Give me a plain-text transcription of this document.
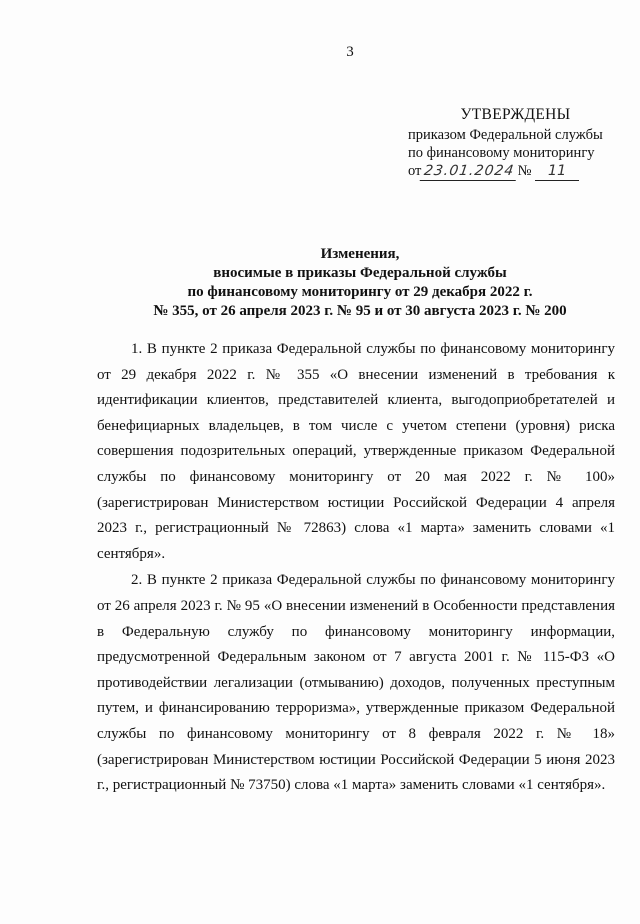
3
УТВЕРЖДЕНЫ
приказом Федеральной службы
по финансовому мониторингу
от 23.01.2024 № 11
Изменения,
вносимые в приказы Федеральной службы
по финансовому мониторингу от 29 декабря 2022 г.
№ 355, от 26 апреля 2023 г. № 95 и от 30 августа 2023 г. № 200

1. В пункте 2 приказа Федеральной службы по финансовому мониторингу от 29 декабря 2022 г. № 355 «О внесении изменений в требования к идентификации клиентов, представителей клиента, выгодоприобретателей и бенефициарных владельцев, в том числе с учетом степени (уровня) риска совершения подозрительных операций, утвержденные приказом Федеральной службы по финансовому мониторингу от 20 мая 2022 г. № 100» (зарегистрирован Министерством юстиции Российской Федерации 4 апреля 2023 г., регистрационный № 72863) слова «1 марта» заменить словами «1 сентября».

2. В пункте 2 приказа Федеральной службы по финансовому мониторингу от 26 апреля 2023 г. № 95 «О внесении изменений в Особенности представления в Федеральную службу по финансовому мониторингу информации, предусмотренной Федеральным законом от 7 августа 2001 г. № 115-ФЗ «О противодействии легализации (отмыванию) доходов, полученных преступным путем, и финансированию терроризма», утвержденные приказом Федеральной службы по финансовому мониторингу от 8 февраля 2022 г. № 18» (зарегистрирован Министерством юстиции Российской Федерации 5 июня 2023 г., регистрационный № 73750) слова «1 марта» заменить словами «1 сентября».
